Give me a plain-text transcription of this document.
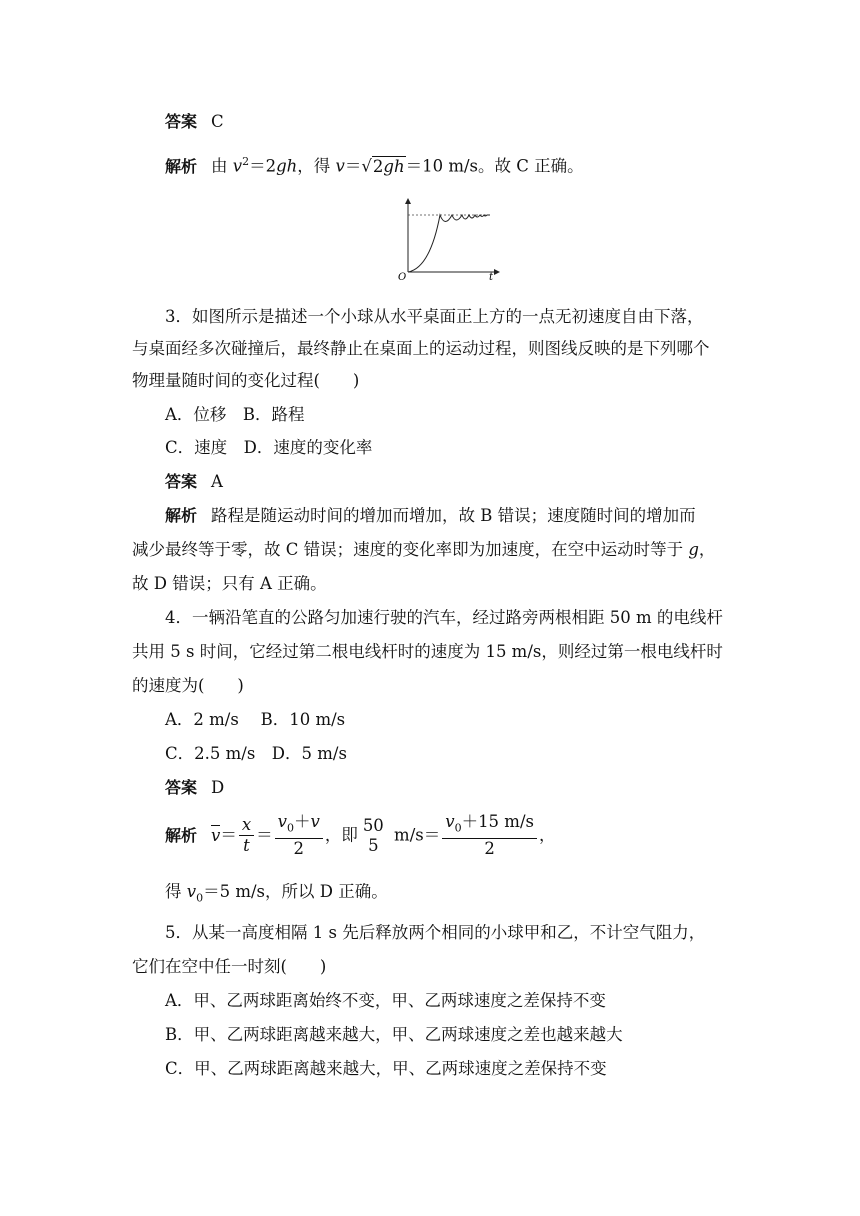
答案 C
解析 由 $v^2=2gh$，得 v＝√2gh＝10 m/s。故 C 正确。
O	t
3．如图所示是描述一个小球从水平桌面正上方的一点无初速度自由下落，
与桌面经多次碰撞后，最终静止在桌面上的运动过程，则图线反映的是下列哪个
物理量随时间的变化过程(　　)
A．位移　B．路程
C．速度　D．速度的变化率
答案 A
解析 路程是随运动时间的增加而增加，故 B 错误；速度随时间的增加而
减少最终等于零，故 C 错误；速度的变化率即为加速度，在空中运动时等于 g，
故 D 错误；只有 A 正确。
4．一辆沿笔直的公路匀加速行驶的汽车，经过路旁两根相距 50 m 的电线杆
共用 5 s 时间，它经过第二根电线杆时的速度为 15 m/s，则经过第一根电线杆时
的速度为(　　)
A．2 m/s　 B．10 m/s
C．2.5 m/s　D．5 m/s
答案 D
解析 $v= \frac{x}{t} = \frac{v_0+v}{2}$ ，即
50
5
$m/s= \frac{v_0+15 m/s}{2}$ ，
得 $v_0=5$ m/s，所以 D 正确。
5．从某一高度相隔 1 s 先后释放两个相同的小球甲和乙，不计空气阻力，
它们在空中任一时刻(　　)
A．甲、乙两球距离始终不变，甲、乙两球速度之差保持不变
B．甲、乙两球距离越来越大，甲、乙两球速度之差也越来越大
C．甲、乙两球距离越来越大，甲、乙两球速度之差保持不变
